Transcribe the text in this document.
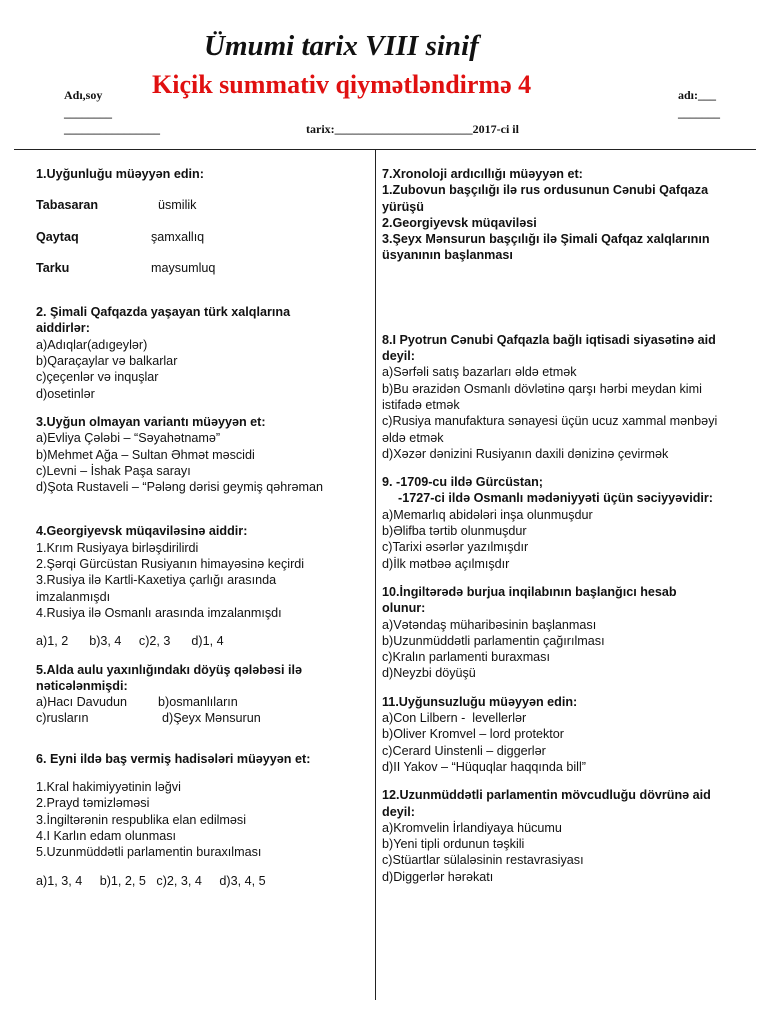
Ümumi tarix VIII sinif
Kiçik summativ qiymətləndirmə 4
Adı,soy
________
________________
adı:___
_______
tarix:_______________________2017-ci il
1.Uyğunluğu müəyyən edin:
Tabasaran	üsmilik
Qaytaq	şamxallıq
Tarku	maysumluq
2. Şimali Qafqazda yaşayan türk xalqlarına
aiddirlər:
a)Adıqlar(adıgeylər)
b)Qaraçaylar və balkarlar
c)çeçenlər və inquşlar
d)osetinlər
3.Uyğun olmayan variantı müəyyən et:
a)Evliya Çələbi – “Səyahətnamə”
b)Mehmet Ağa – Sultan Əhmət məscidi
c)Levni – İshak Paşa sarayı
d)Şota Rustaveli – “Pələng dərisi geymiş qəhrəman
4.Georgiyevsk müqaviləsinə aiddir:
1.Krım Rusiyaya birləşdirilirdi
2.Şərqi Gürcüstan Rusiyanın himayəsinə keçirdi
3.Rusiya ilə Kartli-Kaxetiya çarlığı arasında
imzalanmışdı
4.Rusiya ilə Osmanlı arasında imzalanmışdı
a)1, 2      b)3, 4     c)2, 3      d)1, 4
5.Alda aulu yaxınlığındakı döyüş qələbəsi ilə
nəticələnmişdi:
a)Hacı Davudun	b)osmanlıların
c)rusların	d)Şeyx Mənsurun
6. Eyni ildə baş vermiş hadisələri müəyyən et:
1.Kral hakimiyyətinin ləğvi
2.Prayd təmizləməsi
3.İngiltərənin respublika elan edilməsi
4.I Karlın edam olunması
5.Uzunmüddətli parlamentin buraxılması
a)1, 3, 4     b)1, 2, 5   c)2, 3, 4     d)3, 4, 5
7.Xronoloji ardıcıllığı müəyyən et:
1.Zubovun başçılığı ilə rus ordusunun Cənubi Qafqaza
yürüşü
2.Georgiyevsk müqaviləsi
3.Şeyx Mənsurun başçılığı ilə Şimali Qafqaz xalqlarının
üsyanının başlanması
8.I Pyotrun Cənubi Qafqazla bağlı iqtisadi siyasətinə aid
deyil:
a)Sərfəli satış bazarları əldə etmək
b)Bu ərazidən Osmanlı dövlətinə qarşı hərbi meydan kimi
istifadə etmək
c)Rusiya manufaktura sənayesi üçün ucuz xammal mənbəyi
əldə etmək
d)Xəzər dənizini Rusiyanın daxili dənizinə çevirmək
9. -1709-cu ildə Gürcüstan;
-1727-ci ildə Osmanlı mədəniyyəti üçün səciyyəvidir:
a)Memarlıq abidələri inşa olunmuşdur
b)Əlifba tərtib olunmuşdur
c)Tarixi əsərlər yazılmışdır
d)İlk mətbəə açılmışdır
10.İngiltərədə burjua inqilabının başlanğıcı hesab
olunur:
a)Vətəndaş müharibəsinin başlanması
b)Uzunmüddətli parlamentin çağırılması
c)Kralın parlamenti buraxması
d)Neyzbi döyüşü
11.Uyğunsuzluğu müəyyən edin:
a)Con Lilbern -  levellerlər
b)Oliver Kromvel – lord protektor
c)Cerard Uinstenli – diggerlər
d)II Yakov – “Hüquqlar haqqında bill”
12.Uzunmüddətli parlamentin mövcudluğu dövrünə aid
deyil:
a)Kromvelin İrlandiyaya hücumu
b)Yeni tipli ordunun təşkili
c)Stüartlar sülaləsinin restavrasiyası
d)Diggerlər hərəkatı
